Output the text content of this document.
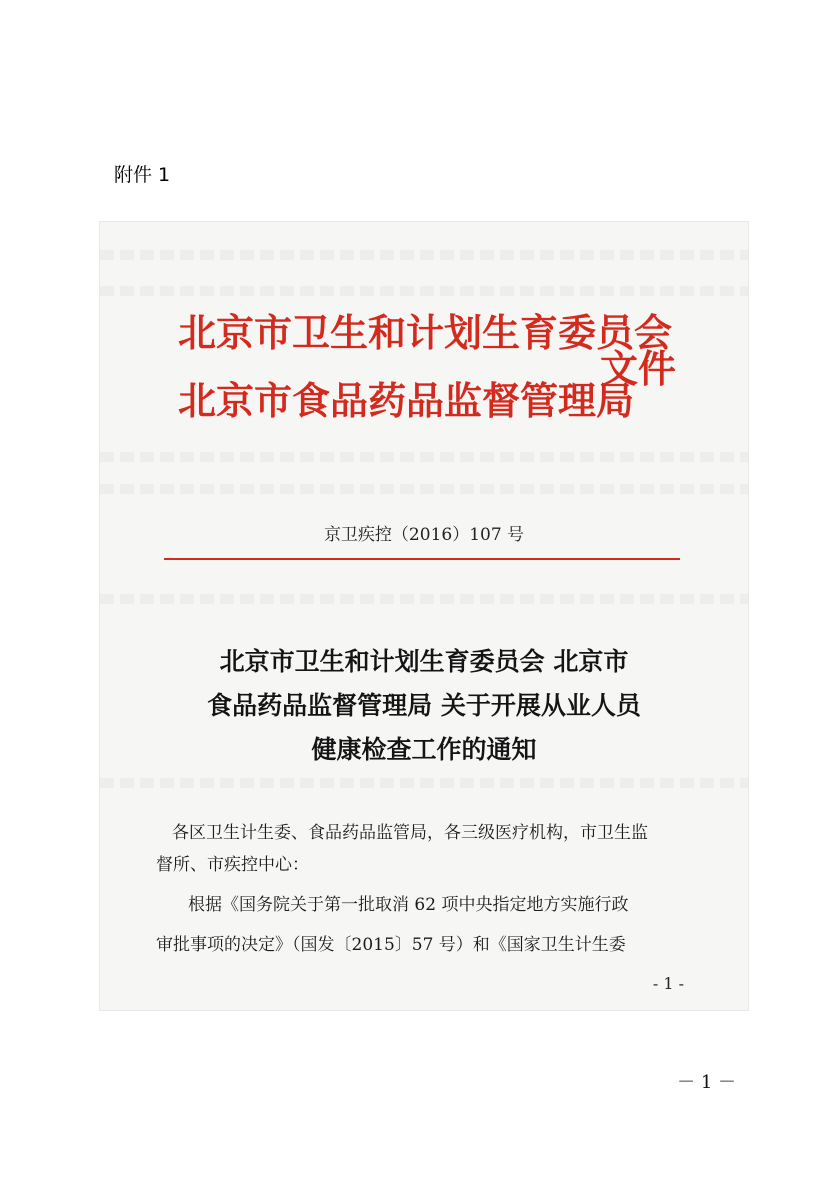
附件 1
北京市卫生和计划生育委员会
北京市食品药品监督管理局
文件
京卫疾控（2016）107 号
北京市卫生和计划生育委员会 北京市
食品药品监督管理局 关于开展从业人员
健康检查工作的通知
各区卫生计生委、食品药品监管局，各三级医疗机构，市卫生监
督所、市疾控中心：
根据《国务院关于第一批取消 62 项中央指定地方实施行政
审批事项的决定》（国发〔2015〕57 号）和《国家卫生计生委
- 1 -
－ 1 －
